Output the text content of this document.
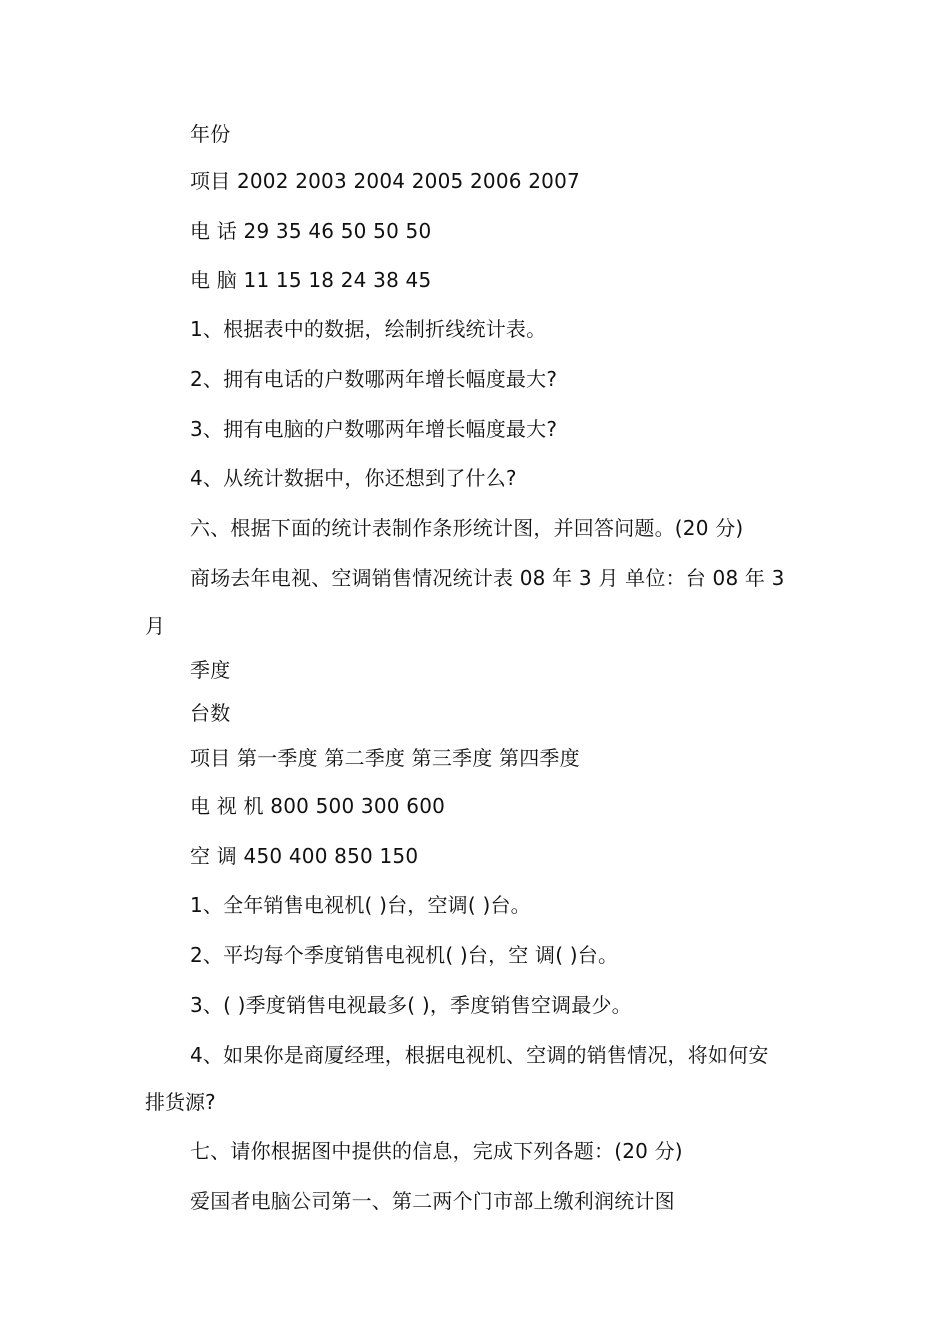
年份
项目 2002 2003 2004 2005 2006 2007
电 话 29 35 46 50 50 50
电 脑 11 15 18 24 38 45
1、根据表中的数据，绘制折线统计表。
2、拥有电话的户数哪两年增长幅度最大?
3、拥有电脑的户数哪两年增长幅度最大?
4、从统计数据中，你还想到了什么?
六、根据下面的统计表制作条形统计图，并回答问题。(20 分)
商场去年电视、空调销售情况统计表 08 年 3 月 单位：台 08 年 3
月
季度
台数
项目 第一季度 第二季度 第三季度 第四季度
电 视 机 800 500 300 600
空 调 450 400 850 150
1、全年销售电视机( )台，空调( )台。
2、平均每个季度销售电视机( )台，空 调( )台。
3、( )季度销售电视最多( )，季度销售空调最少。
4、如果你是商厦经理，根据电视机、空调的销售情况，将如何安
排货源?
七、请你根据图中提供的信息，完成下列各题：(20 分)
爱国者电脑公司第一、第二两个门市部上缴利润统计图
